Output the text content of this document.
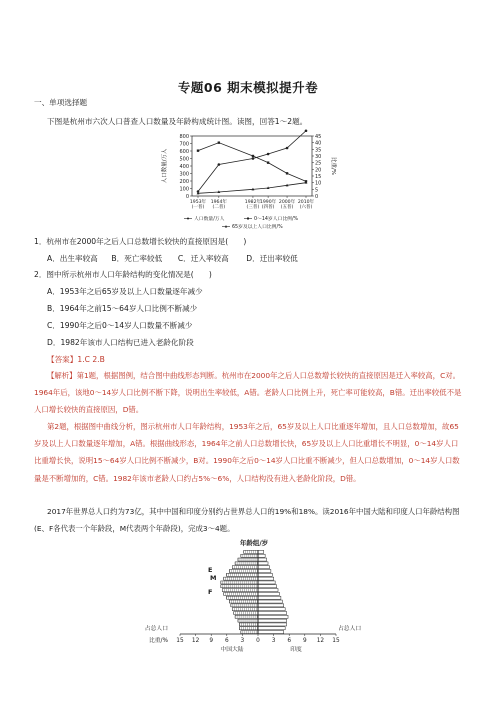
专题06 期末模拟提升卷
一、单项选择题
下图是杭州市六次人口普查人口数量及年龄构成统计图。读图，回答1～2题。
0
100
200
300
400
500
600
700
800
0
5
10
15
20
25
30
35
40
45
人口数量/万人	比重/%
1953年
(一普)
1964年
(二普)
1982年
(三普)
1990年
(四普)
2000年
(五普)
2010年
(六普)
人口数量/万人	0～14岁人口比例/%
65岁及以上人口比例/%
1．杭州市在2000年之后人口总数增长较快的直接原因是(　　)
A．出生率较高 B．死亡率较低 C．迁入率较高 D．迁出率较低
2．图中所示杭州市人口年龄结构的变化情况是(　　)
A．1953年之后65岁及以上人口数量逐年减少
B．1964年之前15～64岁人口比例不断减少
C．1990年之后0～14岁人口数量不断减少
D．1982年该市人口结构已进入老龄化阶段
【答案】1.C 2.B
【解析】第1题，根据图例，结合图中曲线形态判断。杭州市在2000年之后人口总数增长较快的直接原因是迁入率较高，C对。1964年后，该地0～14岁人口比例不断下降，说明出生率较低，A错。老龄人口比例上升，死亡率可能较高，B错。迁出率较低不是人口增长较快的直接原因，D错。
第2题，根据图中曲线分析，图示杭州市人口年龄结构，1953年之后，65岁及以上人口比重逐年增加，且人口总数增加，故65岁及以上人口数量逐年增加，A错。根据曲线形态，1964年之前人口总数增长快，65岁及以上人口比重增长不明显，0～14岁人口比重增长快，说明15～64岁人口比例不断减少，B对。1990年之后0～14岁人口比重不断减少，但人口总数增加，0～14岁人口数量是不断增加的，C错。1982年该市老龄人口约占5%～6%，人口结构没有进入老龄化阶段，D错。
2017年世界总人口约为73亿，其中中国和印度分别约占世界总人口的19%和18%。读2016年中国大陆和印度人口年龄结构图(E、F各代表一个年龄段，M代表两个年龄段)，完成3～4题。
年龄组/岁
E
M
F
15 12 9 6 3 0 3 6 9 12 15
比重/%
中国大陆	印度
占总人口	占总人口
